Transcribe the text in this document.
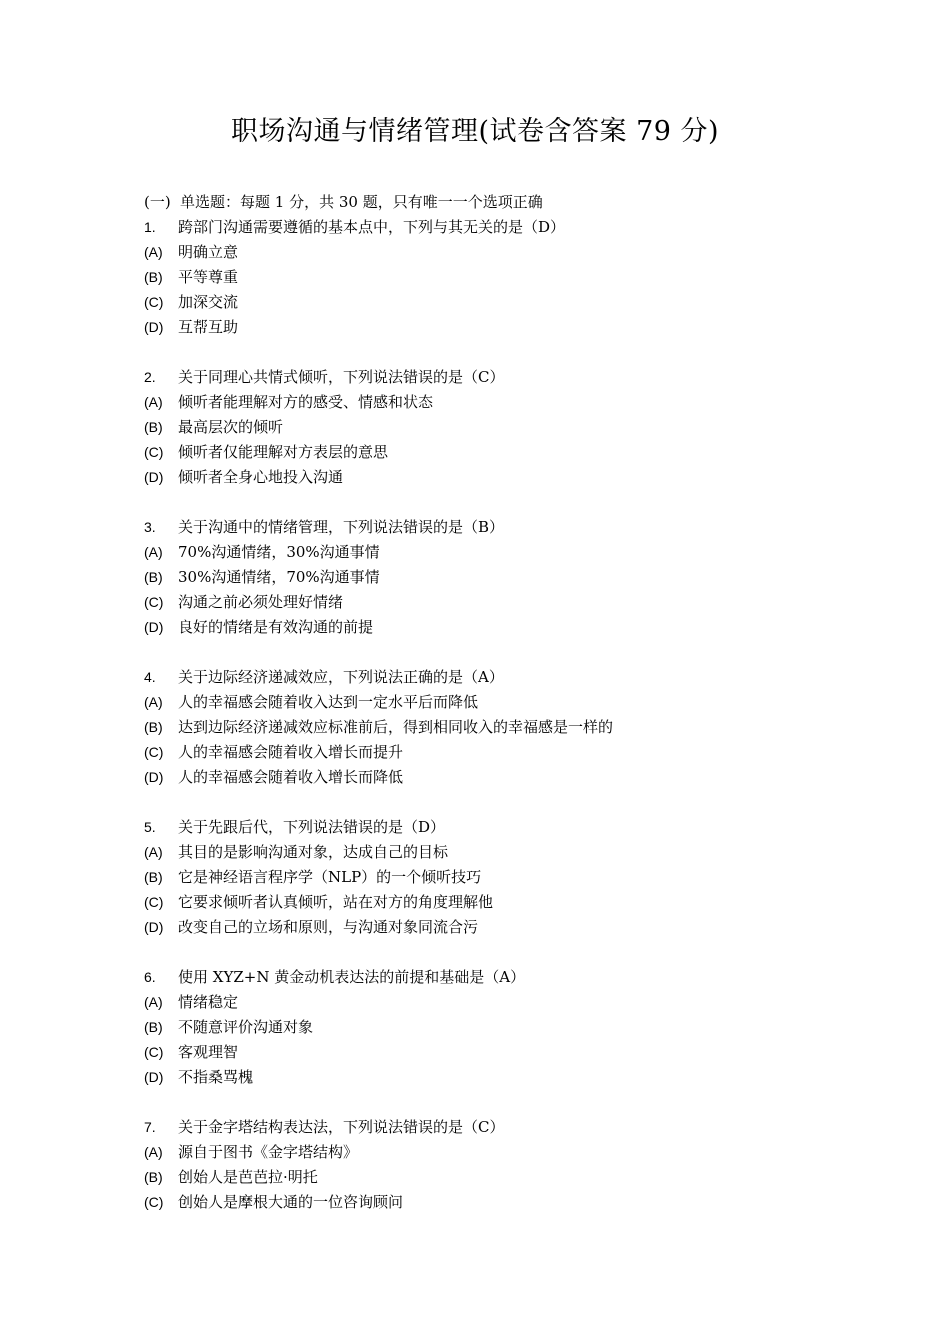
职场沟通与情绪管理(试卷含答案 79 分)
(一) 单选题：每题 1 分，共 30 题，只有唯一一个选项正确
1.	跨部门沟通需要遵循的基本点中，下列与其无关的是（D）
(A)	明确立意
(B)	平等尊重
(C) 加深交流
(D) 互帮互助
2.	关于同理心共情式倾听，下列说法错误的是（C）
(A)	倾听者能理解对方的感受、情感和状态
(B)	最高层次的倾听
(C) 倾听者仅能理解对方表层的意思
(D) 倾听者全身心地投入沟通
3.	关于沟通中的情绪管理，下列说法错误的是（B）
(A)	70%沟通情绪，30%沟通事情
(B)	30%沟通情绪，70%沟通事情
(C) 沟通之前必须处理好情绪
(D) 良好的情绪是有效沟通的前提
4.	关于边际经济递减效应，下列说法正确的是（A）
(A)	人的幸福感会随着收入达到一定水平后而降低
(B)	达到边际经济递减效应标准前后，得到相同收入的幸福感是一样的
(C) 人的幸福感会随着收入增长而提升
(D) 人的幸福感会随着收入增长而降低
5.	关于先跟后代，下列说法错误的是（D）
(A)	其目的是影响沟通对象，达成自己的目标
(B)	它是神经语言程序学（NLP）的一个倾听技巧
(C) 它要求倾听者认真倾听，站在对方的角度理解他
(D) 改变自己的立场和原则，与沟通对象同流合污
6.	使用 XYZ+N 黄金动机表达法的前提和基础是（A）
(A)	情绪稳定
(B)	不随意评价沟通对象
(C) 客观理智
(D) 不指桑骂槐
7.	关于金字塔结构表达法，下列说法错误的是（C）
(A)	源自于图书《金字塔结构》
(B)	创始人是芭芭拉·明托
(C) 创始人是摩根大通的一位咨询顾问
